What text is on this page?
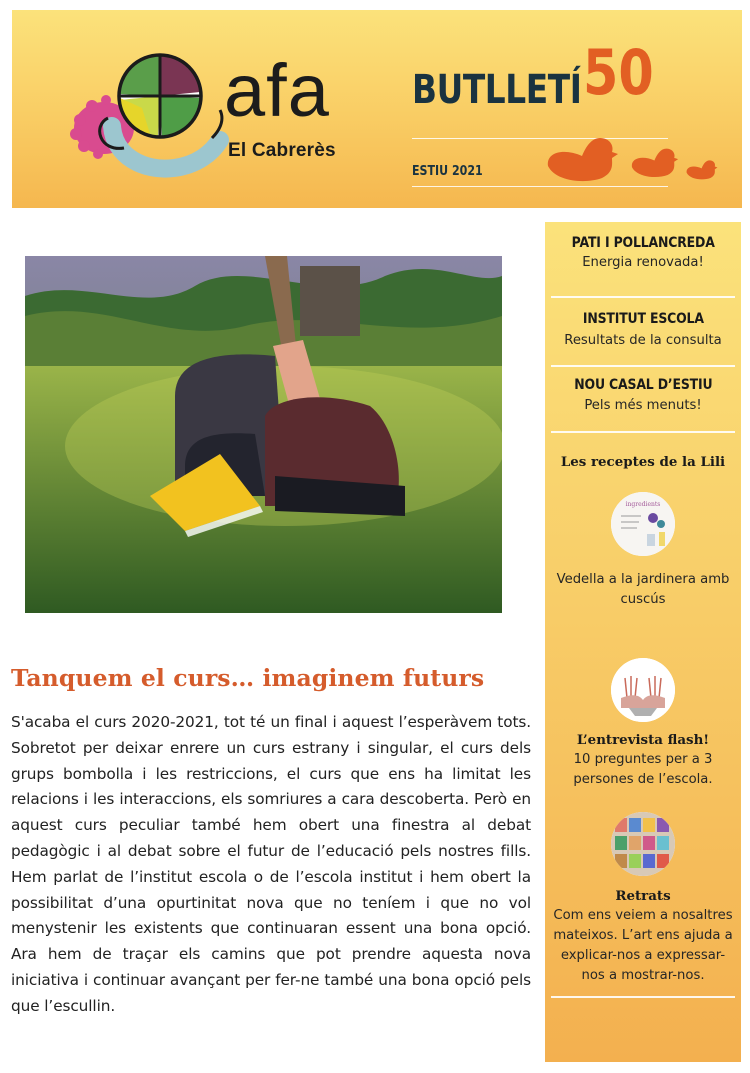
afa
El Cabrerès
BUTLLETÍ 50
ESTIU 2021
Tanquem el curs… imaginem futurs

S'acaba el curs 2020-2021, tot té un final i aquest l’esperàvem tots. Sobretot per deixar enrere un curs estrany i singular, el curs dels grups bombolla i les restriccions, el curs que ens ha limitat les relacions i les interaccions, els somriures a cara descoberta. Però en aquest curs peculiar també hem obert una finestra al debat pedagògic i al debat sobre el futur de l’educació pels nostres fills. Hem parlat de l’institut escola o de l’escola institut i hem obert la possibilitat d’una opurtinitat nova que no teníem i que no vol menystenir les existents que continuaran essent una bona opció. Ara hem de traçar els camins que pot prendre aquesta nova iniciativa i continuar avançant per fer-ne també una bona opció pels que l’escullin.

PATI I POLLANCREDA
Energia renovada!
INSTITUT ESCOLA
Resultats de la consulta
NOU CASAL D’ESTIU
Pels més menuts!
Les receptes de la Lili
ingredients
Vedella a la jardinera amb
cuscús
L’entrevista flash!
10 preguntes per a 3
persones de l’escola.
Retrats
Com ens veiem a nosaltres
mateixos. L’art ens ajuda a
explicar-nos a expressar-
nos a mostrar-nos.
